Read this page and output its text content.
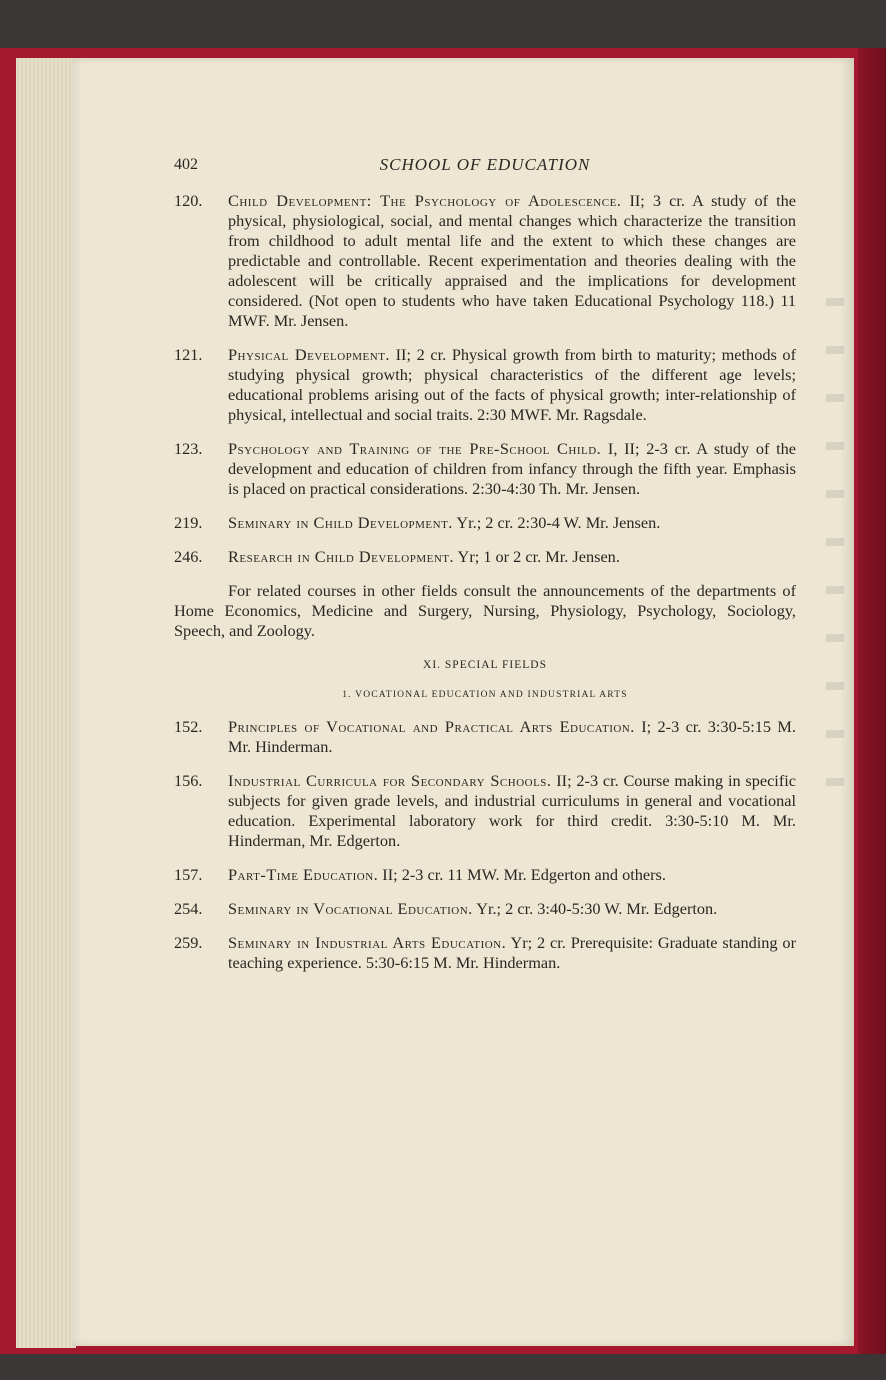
402	SCHOOL OF EDUCATION
120. Child Development: The Psychology of Adolescence. II; 3 cr. A study of the physical, physiological, social, and mental changes which characterize the transition from childhood to adult mental life and the extent to which these changes are predictable and controllable. Recent experimentation and theories dealing with the adolescent will be critically appraised and the implications for development considered. (Not open to students who have taken Educational Psychology 118.) 11 MWF. Mr. Jensen.
121. Physical Development. II; 2 cr. Physical growth from birth to maturity; methods of studying physical growth; physical characteristics of the different age levels; educational problems arising out of the facts of physical growth; inter-relationship of physical, intellectual and social traits. 2:30 MWF. Mr. Ragsdale.
123. Psychology and Training of the Pre-School Child. I, II; 2-3 cr. A study of the development and education of children from infancy through the fifth year. Emphasis is placed on practical considerations. 2:30-4:30 Th. Mr. Jensen.
219. Seminary in Child Development. Yr.; 2 cr. 2:30-4 W. Mr. Jensen.
246. Research in Child Development. Yr; 1 or 2 cr. Mr. Jensen.

For related courses in other fields consult the announcements of the departments of Home Economics, Medicine and Surgery, Nursing, Physiology, Psychology, Sociology, Speech, and Zoology.

XI. SPECIAL FIELDS
1. VOCATIONAL EDUCATION AND INDUSTRIAL ARTS
152. Principles of Vocational and Practical Arts Education. I; 2-3 cr. 3:30-5:15 M. Mr. Hinderman.
156. Industrial Curricula for Secondary Schools. II; 2-3 cr. Course making in specific subjects for given grade levels, and industrial curriculums in general and vocational education. Experimental laboratory work for third credit. 3:30-5:10 M. Mr. Hinderman, Mr. Edgerton.
157. Part-Time Education. II; 2-3 cr. 11 MW. Mr. Edgerton and others.
254. Seminary in Vocational Education. Yr.; 2 cr. 3:40-5:30 W. Mr. Edgerton.
259. Seminary in Industrial Arts Education. Yr; 2 cr. Prerequisite: Graduate standing or teaching experience. 5:30-6:15 M. Mr. Hinderman.
